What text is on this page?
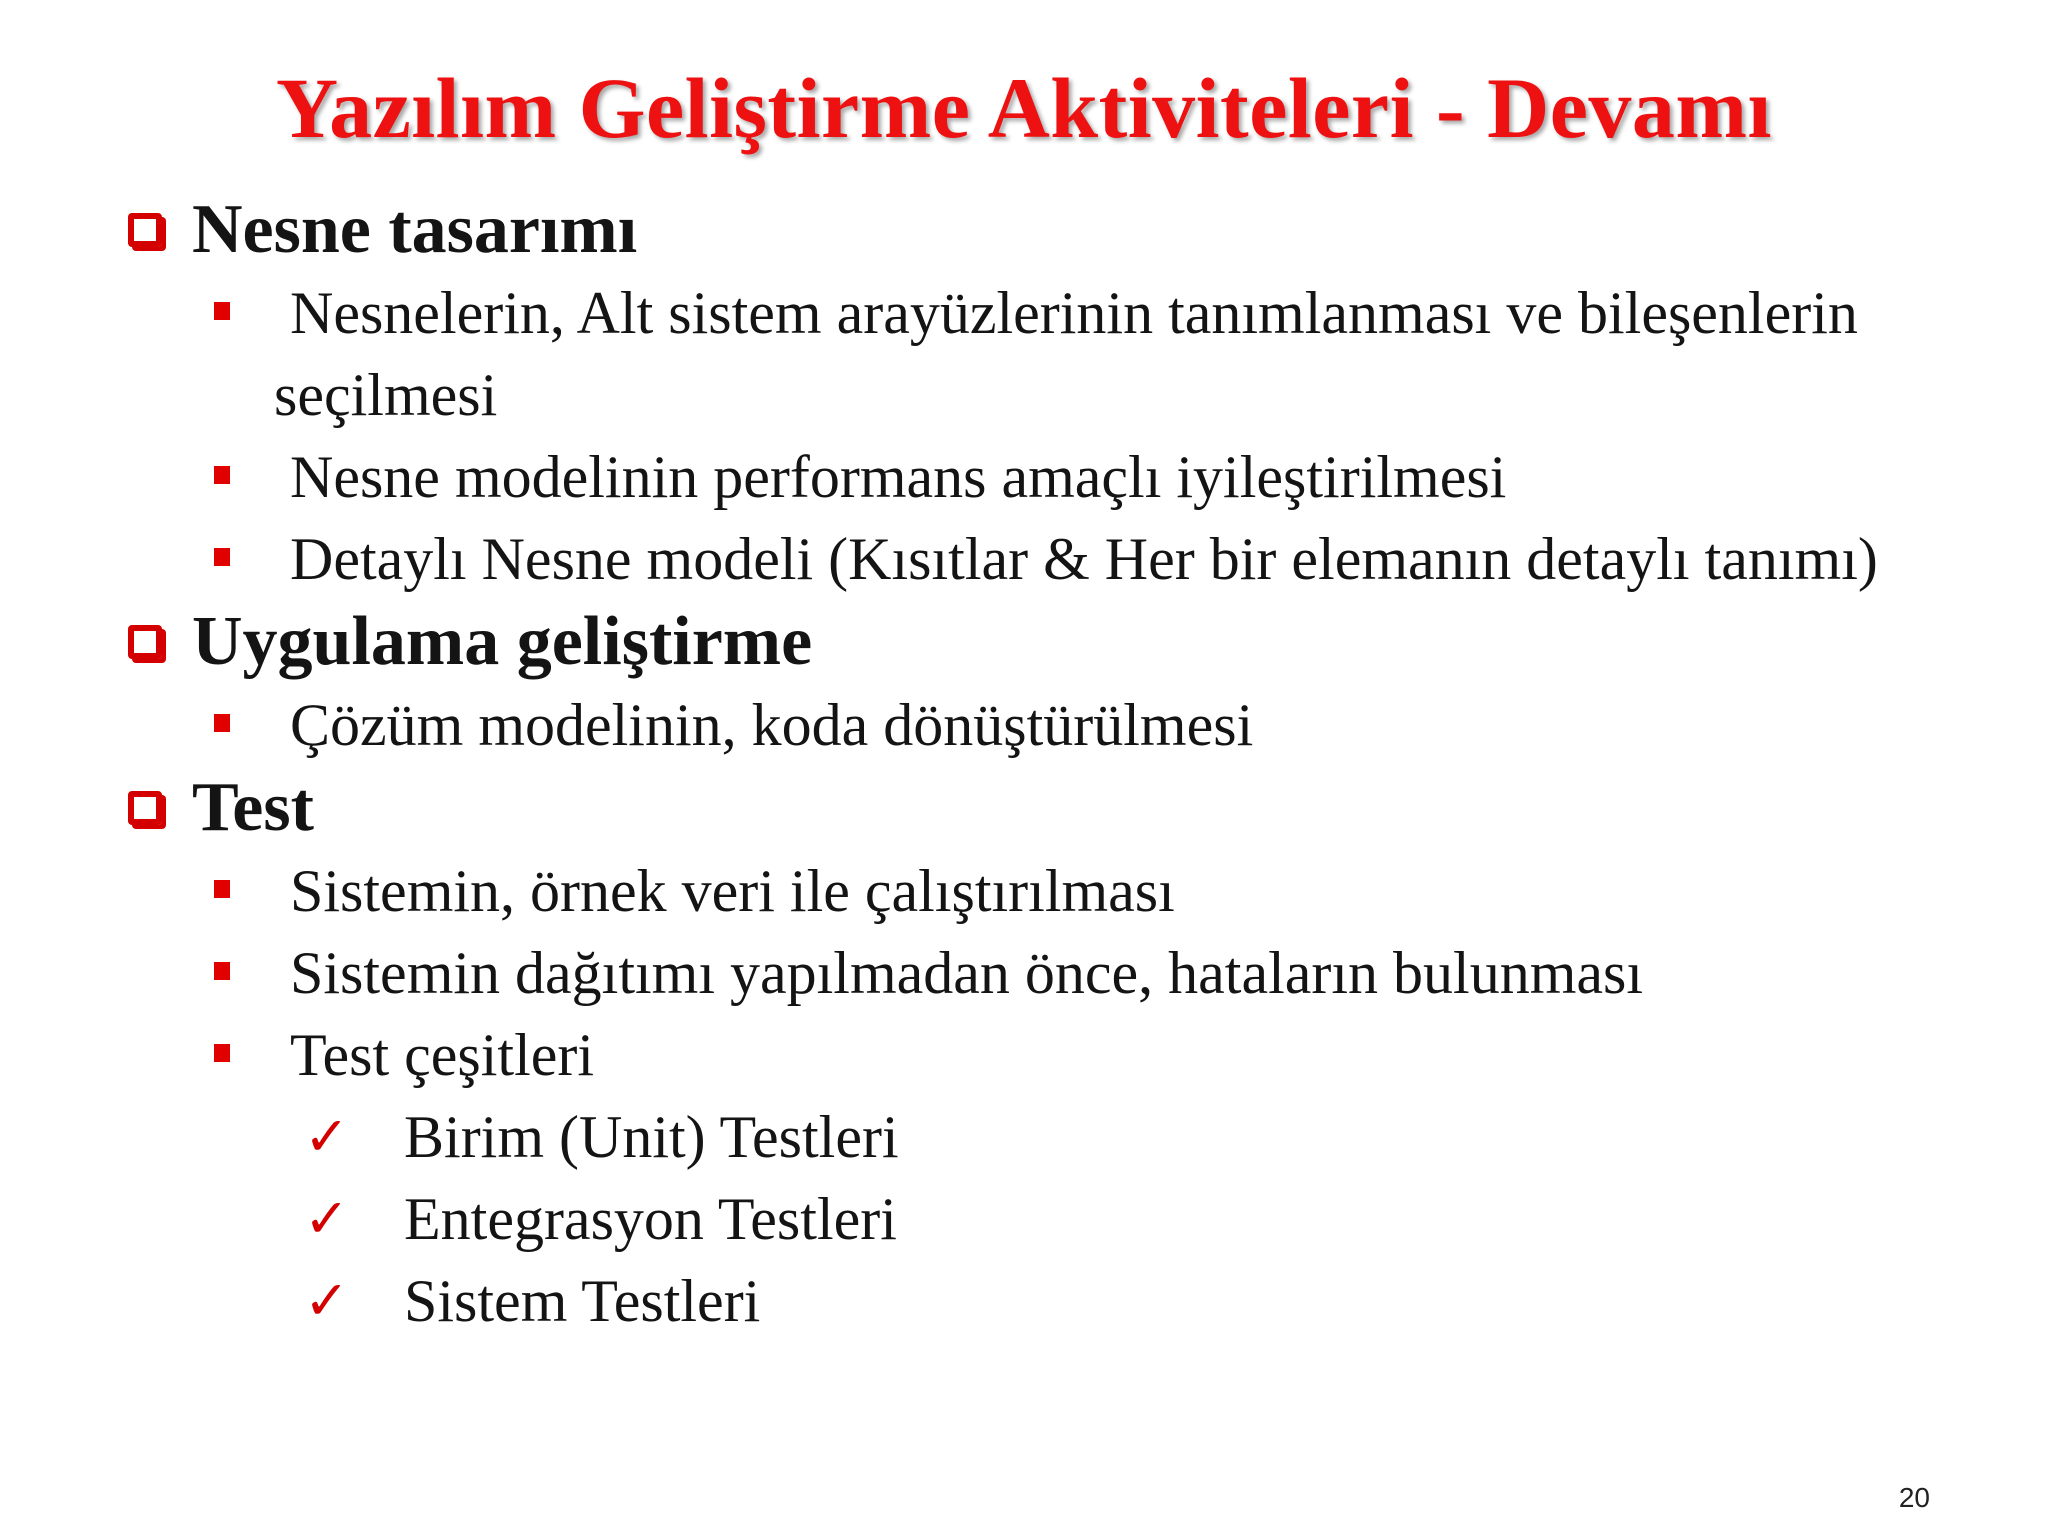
Yazılım Geliştirme Aktiviteleri - Devamı
Nesne tasarımı
Nesnelerin, Alt sistem arayüzlerinin tanımlanması ve bileşenlerin seçilmesi
Nesne modelinin performans amaçlı iyileştirilmesi
Detaylı Nesne modeli (Kısıtlar & Her bir elemanın detaylı tanımı)
Uygulama geliştirme
Çözüm modelinin, koda dönüştürülmesi
Test
Sistemin, örnek veri ile çalıştırılması
Sistemin dağıtımı yapılmadan önce, hataların bulunması
Test çeşitleri
✓ Birim (Unit) Testleri
✓ Entegrasyon Testleri
✓ Sistem Testleri
20
